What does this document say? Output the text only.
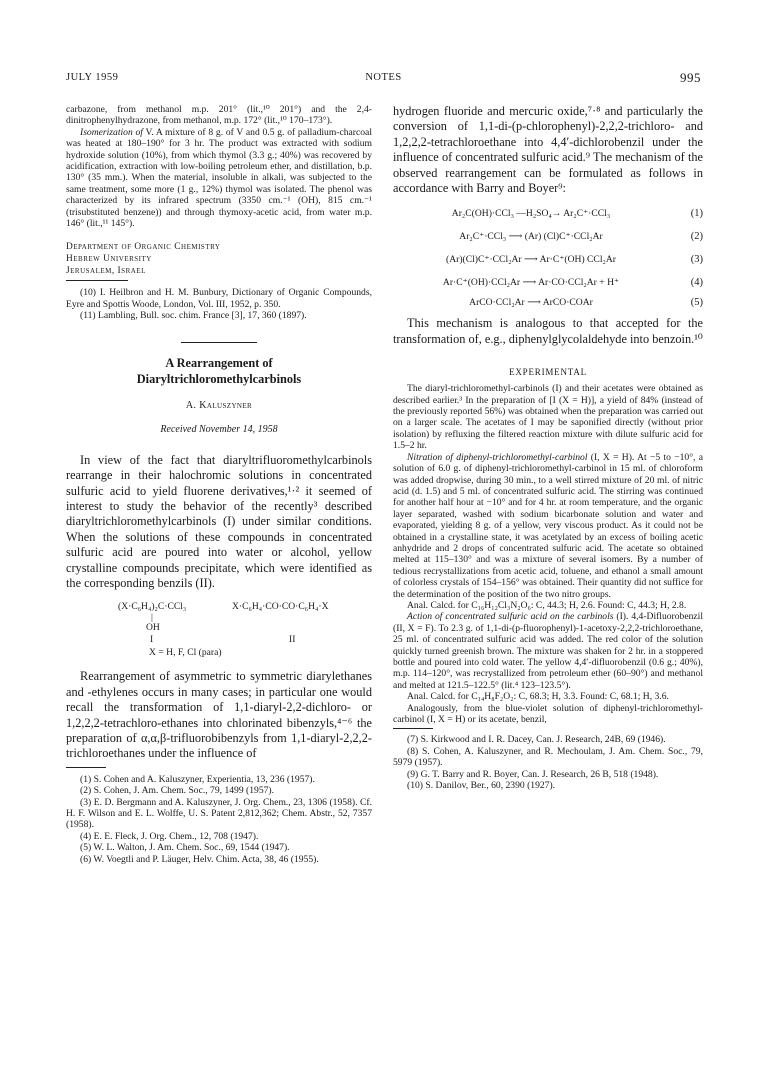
JULY 1959	NOTES	995

carbazone, from methanol m.p. 201° (lit.,¹⁰ 201°) and the 2,4-dinitrophenylhydrazone, from methanol, m.p. 172° (lit.,¹⁰ 170–173°).

Isomerization of V. A mixture of 8 g. of V and 0.5 g. of palladium-charcoal was heated at 180–190° for 3 hr. The product was extracted with sodium hydroxide solution (10%), from which thymol (3.3 g.; 40%) was recovered by acidification, extraction with low-boiling petroleum ether, and distillation, b.p. 130° (35 mm.). When the material, insoluble in alkali, was subjected to the same treatment, some more (1 g., 12%) thymol was isolated. The phenol was characterized by its infrared spectrum (3350 cm.⁻¹ (OH), 815 cm.⁻¹ (trisubstituted benzene)) and through thymoxy-acetic acid, from water m.p. 146° (lit.,¹¹ 145°).

Department of Organic Chemistry
Hebrew University
Jerusalem, Israel

(10) I. Heilbron and H. M. Bunbury, Dictionary of Organic Compounds, Eyre and Spottis Woode, London, Vol. III, 1952, p. 350.

(11) Lambling, Bull. soc. chim. France [3], 17, 360 (1897).

A Rearrangement of
Diaryltrichloromethylcarbinols
A. Kaluszyner
Received November 14, 1958

In view of the fact that diaryltrifluoromethylcarbinols rearrange in their halochromic solutions in concentrated sulfuric acid to yield fluorene derivatives,¹·² it seemed of interest to study the behavior of the recently³ described diaryltrichloromethylcarbinols (I) under similar conditions. When the solutions of these compounds in concentrated sulfuric acid are poured into water or alcohol, yellow crystalline compounds precipitate, which were identified as the corresponding benzils (II).

(X·C₆H₄)₂C·CCl₃
|
OH
I
X·C₆H₄·CO·CO·C₆H₄·X
II
X = H, F, Cl (para)

Rearrangement of asymmetric to symmetric diarylethanes and -ethylenes occurs in many cases; in particular one would recall the transformation of 1,1-diaryl-2,2-dichloro- or 1,2,2,2-tetrachloro-ethanes into chlorinated bibenzyls,⁴⁻⁶ the preparation of α,α,β-trifluorobibenzyls from 1,1-diaryl-2,2,2-trichloroethanes under the influence of

(1) S. Cohen and A. Kaluszyner, Experientia, 13, 236 (1957).

(2) S. Cohen, J. Am. Chem. Soc., 79, 1499 (1957).

(3) E. D. Bergmann and A. Kaluszyner, J. Org. Chem., 23, 1306 (1958). Cf. H. F. Wilson and E. L. Wolffe, U. S. Patent 2,812,362; Chem. Abstr., 52, 7357 (1958).

(4) E. E. Fleck, J. Org. Chem., 12, 708 (1947).

(5) W. L. Walton, J. Am. Chem. Soc., 69, 1544 (1947).

(6) W. Voegtli and P. Läuger, Helv. Chim. Acta, 38, 46 (1955).

hydrogen fluoride and mercuric oxide,⁷·⁸ and particularly the conversion of 1,1-di-(p-chlorophenyl)-2,2,2-trichloro- and 1,2,2,2-tetrachloroethane into 4,4′-dichlorobenzil under the influence of concentrated sulfuric acid.⁹ The mechanism of the observed rearrangement can be formulated as follows in accordance with Barry and Boyer⁹:

Ar₂C(OH)·CCl₃ —H₂SO₄→ Ar₂C⁺·CCl₃	(1)
Ar₂C⁺·CCl₃ ⟶ (Ar) (Cl)C⁺·CCl₂Ar	(2)
(Ar)(Cl)C⁺·CCl₂Ar ⟶ Ar·C⁺(OH) CCl₂Ar	(3)
Ar·C⁺(OH)·CCl₂Ar ⟶ Ar·CO·CCl₂Ar + H⁺	(4)
ArCO·CCl₂Ar ⟶ ArCO·COAr	(5)

This mechanism is analogous to that accepted for the transformation of, e.g., diphenylglycolaldehyde into benzoin.¹⁰

EXPERIMENTAL

The diaryl-trichloromethyl-carbinols (I) and their acetates were obtained as described earlier.³ In the preparation of [I (X = H)], a yield of 84% (instead of the previously reported 56%) was obtained when the preparation was carried out on a larger scale. The acetates of I may be saponified directly (without prior isolation) by refluxing the filtered reaction mixture with dilute sulfuric acid for 1.5–2 hr.

Nitration of diphenyl-trichloromethyl-carbinol (I, X = H). At −5 to −10°, a solution of 6.0 g. of diphenyl-trichloromethyl-carbinol in 15 ml. of chloroform was added dropwise, during 30 min., to a well stirred mixture of 20 ml. of nitric acid (d. 1.5) and 5 ml. of concentrated sulfuric acid. The stirring was continued for another half hour at −10° and for 4 hr. at room temperature, and the organic layer separated, washed with sodium bicarbonate solution and water and evaporated, yielding 8 g. of a yellow, very viscous product. As it could not be obtained in a crystalline state, it was acetylated by an excess of boiling acetic anhydride and 2 drops of concentrated sulfuric acid. The acetate so obtained melted at 115–130° and was a mixture of several isomers. By a number of tedious recrystallizations from acetic acid, toluene, and ethanol a small amount of colorless crystals of 154–156° was obtained. Their quantity did not suffice for the determination of the position of the two nitro groups.

Anal. Calcd. for C₁₆H₁₂Cl₃N₂O₆: C, 44.3; H, 2.6. Found: C, 44.3; H, 2.8.

Action of concentrated sulfuric acid on the carbinols (I). 4,4-Difluorobenzil (II, X = F). To 2.3 g. of 1,1-di-(p-fluorophenyl)-1-acetoxy-2,2,2-trichloroethane, 25 ml. of concentrated sulfuric acid was added. The red color of the solution quickly turned greenish brown. The mixture was shaken for 2 hr. in a stoppered bottle and poured into cold water. The yellow 4,4′-difluorobenzil (0.6 g.; 40%), m.p. 114–120°, was recrystallized from petroleum ether (60–90°) and methanol and melted at 121.5–122.5° (lit.⁴ 123–123.5°).

Anal. Calcd. for C₁₄H₈F₂O₂: C, 68.3; H, 3.3. Found: C, 68.1; H, 3.6.

Analogously, from the blue-violet solution of diphenyl-trichloromethyl-carbinol (I, X = H) or its acetate, benzil,

(7) S. Kirkwood and I. R. Dacey, Can. J. Research, 24B, 69 (1946).

(8) S. Cohen, A. Kaluszyner, and R. Mechoulam, J. Am. Chem. Soc., 79, 5979 (1957).

(9) G. T. Barry and R. Boyer, Can. J. Research, 26 B, 518 (1948).

(10) S. Danilov, Ber., 60, 2390 (1927).
